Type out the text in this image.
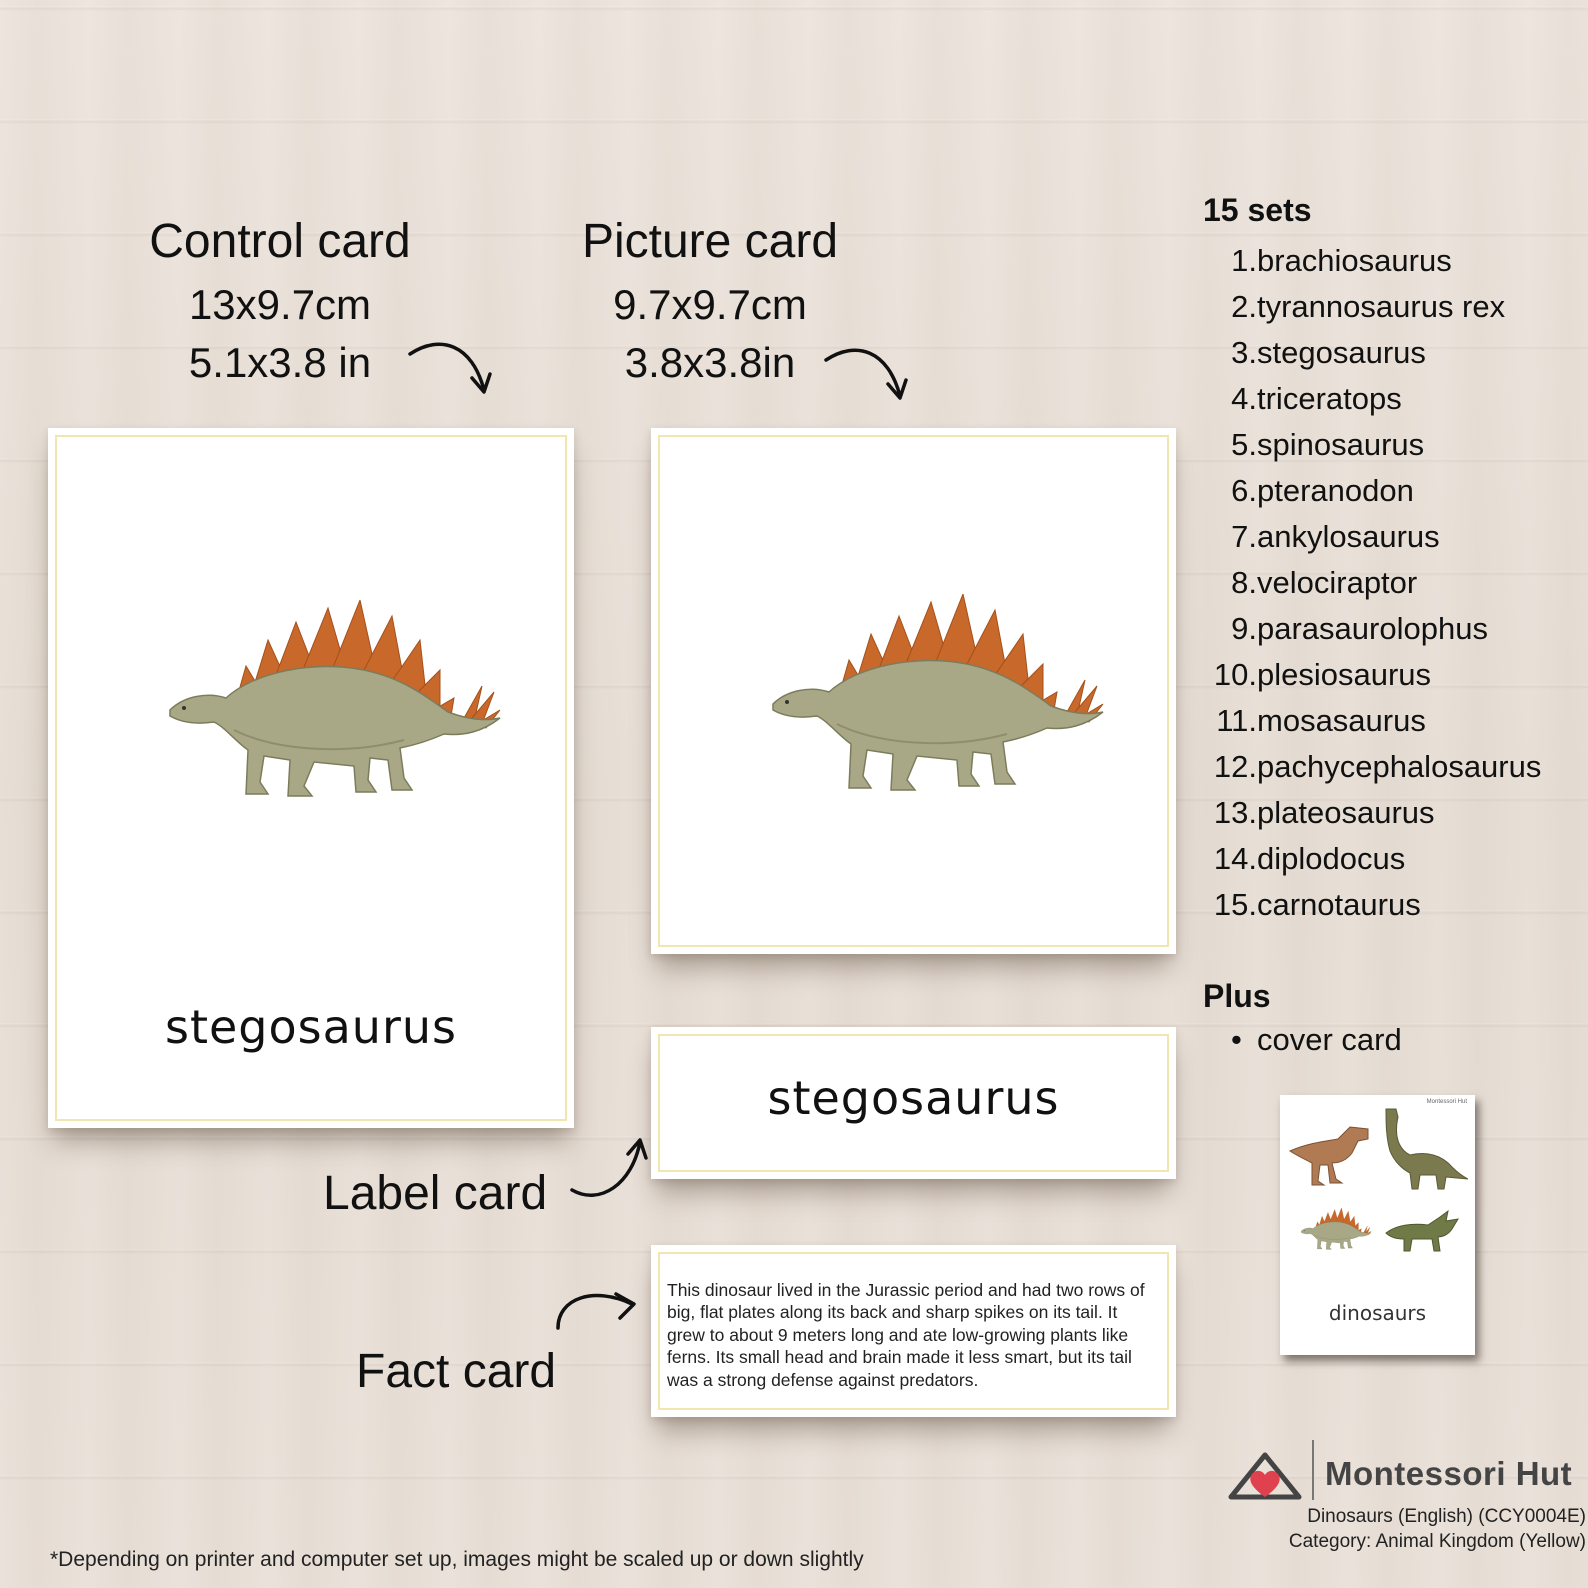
Control card
13x9.7cm
5.1x3.8 in
Picture card
9.7x9.7cm
3.8x3.8in
stegosaurus
stegosaurus
Label card
This dinosaur lived in the Jurassic period and had two rows of big, flat plates along its back and sharp spikes on its tail. It grew to about 9 meters long and ate low-growing plants like ferns. Its small head and brain made it less smart, but its tail was a strong defense against predators.
Fact card
15 sets
1.brachiosaurus
2.tyrannosaurus rex
3.stegosaurus
4.triceratops
5.spinosaurus
6.pteranodon
7.ankylosaurus
8.velociraptor
9.parasaurolophus
10.plesiosaurus
11.mosasaurus
12.pachycephalosaurus
13.plateosaurus
14.diplodocus
15.carnotaurus
Plus
• cover card
Montessori Hut
dinosaurs
Montessori Hut
Dinosaurs (English) (CCY0004E)
Category: Animal Kingdom (Yellow)
*Depending on printer and computer set up, images might be scaled up or down slightly
